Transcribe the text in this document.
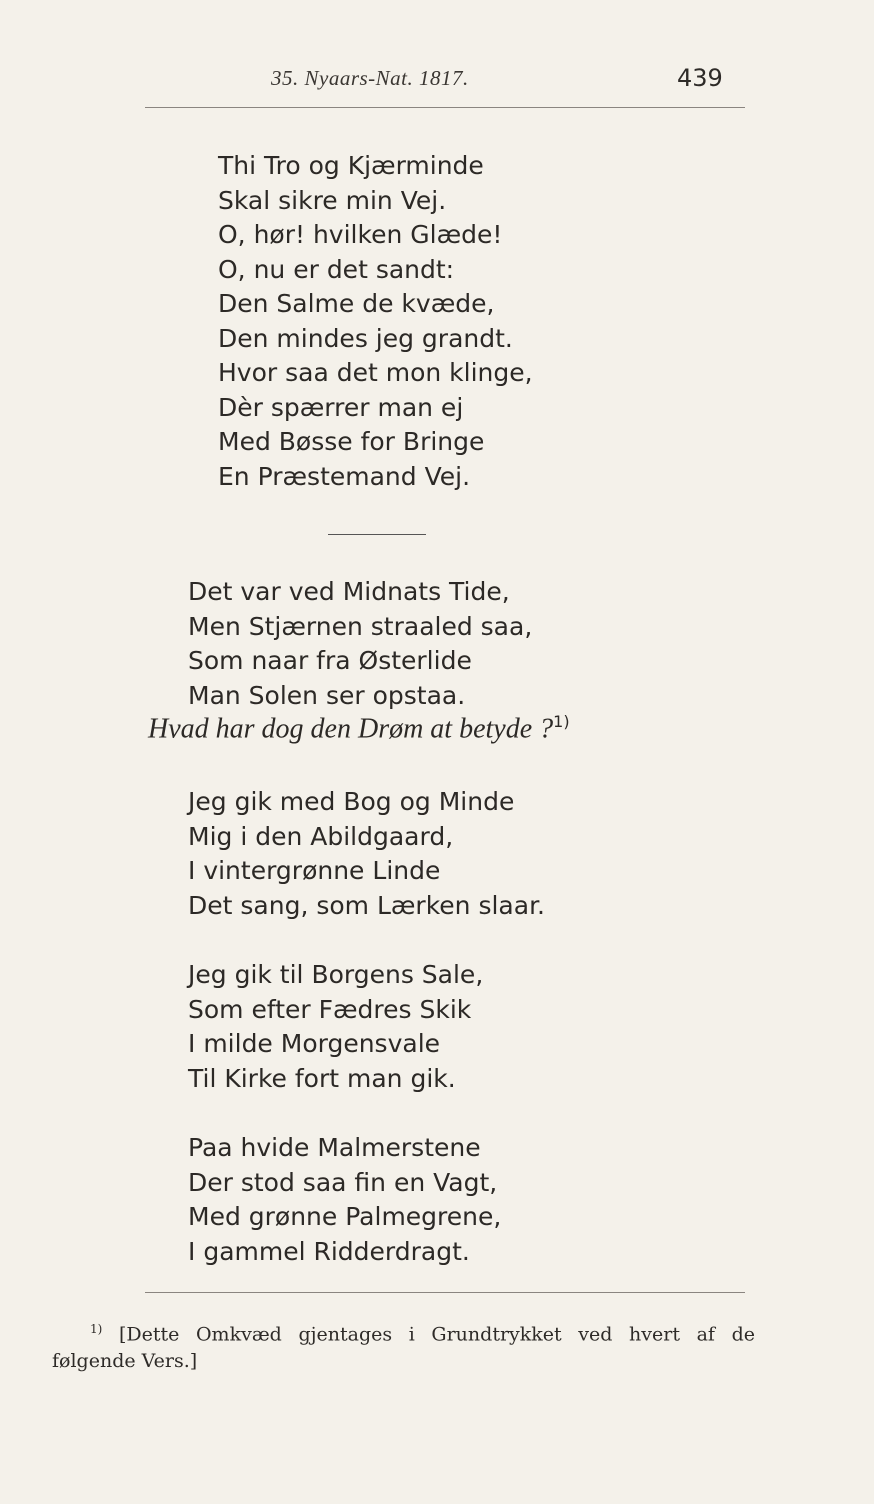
35. Nyaars-Nat. 1817.	439
Thi Tro og Kjærminde
Skal sikre min Vej.
O, hør! hvilken Glæde!
O, nu er det sandt:
Den Salme de kvæde,
Den mindes jeg grandt.
Hvor saa det mon klinge,
Dèr spærrer man ej
Med Bøsse for Bringe
En Præstemand Vej.
Det var ved Midnats Tide,
Men Stjærnen straaled saa,
Som naar fra Østerlide
Man Solen ser opstaa.
Hvad har dog den Drøm at betyde ?$^{1)}$
Jeg gik med Bog og Minde
Mig i den Abildgaard,
I vintergrønne Linde
Det sang, som Lærken slaar.
Jeg gik til Borgens Sale,
Som efter Fædres Skik
I milde Morgensvale
Til Kirke fort man gik.
Paa hvide Malmerstene
Der stod saa fin en Vagt,
Med grønne Palmegrene,
I gammel Ridderdragt.
$^{1)}$ [Dette Omkvæd gjentages i Grundtrykket ved hvert af de
følgende Vers.]
